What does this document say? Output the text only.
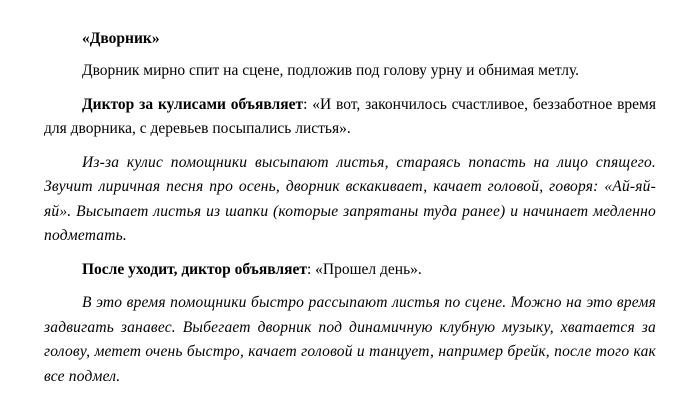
«Дворник»

Дворник мирно спит на сцене, подложив под голову урну и обнимая метлу.

Диктор за кулисами объявляет: «И вот, закончилось счастливое, беззаботное время для дворника, с деревьев посыпались листья».

Из-за кулис помощники высыпают листья, стараясь попасть на лицо спящего. Звучит лиричная песня про осень, дворник вскакивает, качает головой, говоря: «Ай-яй-яй». Высыпает листья из шапки (которые запрятаны туда ранее) и начинает медленно подметать.

После уходит, диктор объявляет: «Прошел день».

В это время помощники быстро рассыпают листья по сцене. Можно на это время задвигать занавес. Выбегает дворник под динамичную клубную музыку, хватается за голову, метет очень быстро, качает головой и танцует, например брейк, после того как все подмел.
